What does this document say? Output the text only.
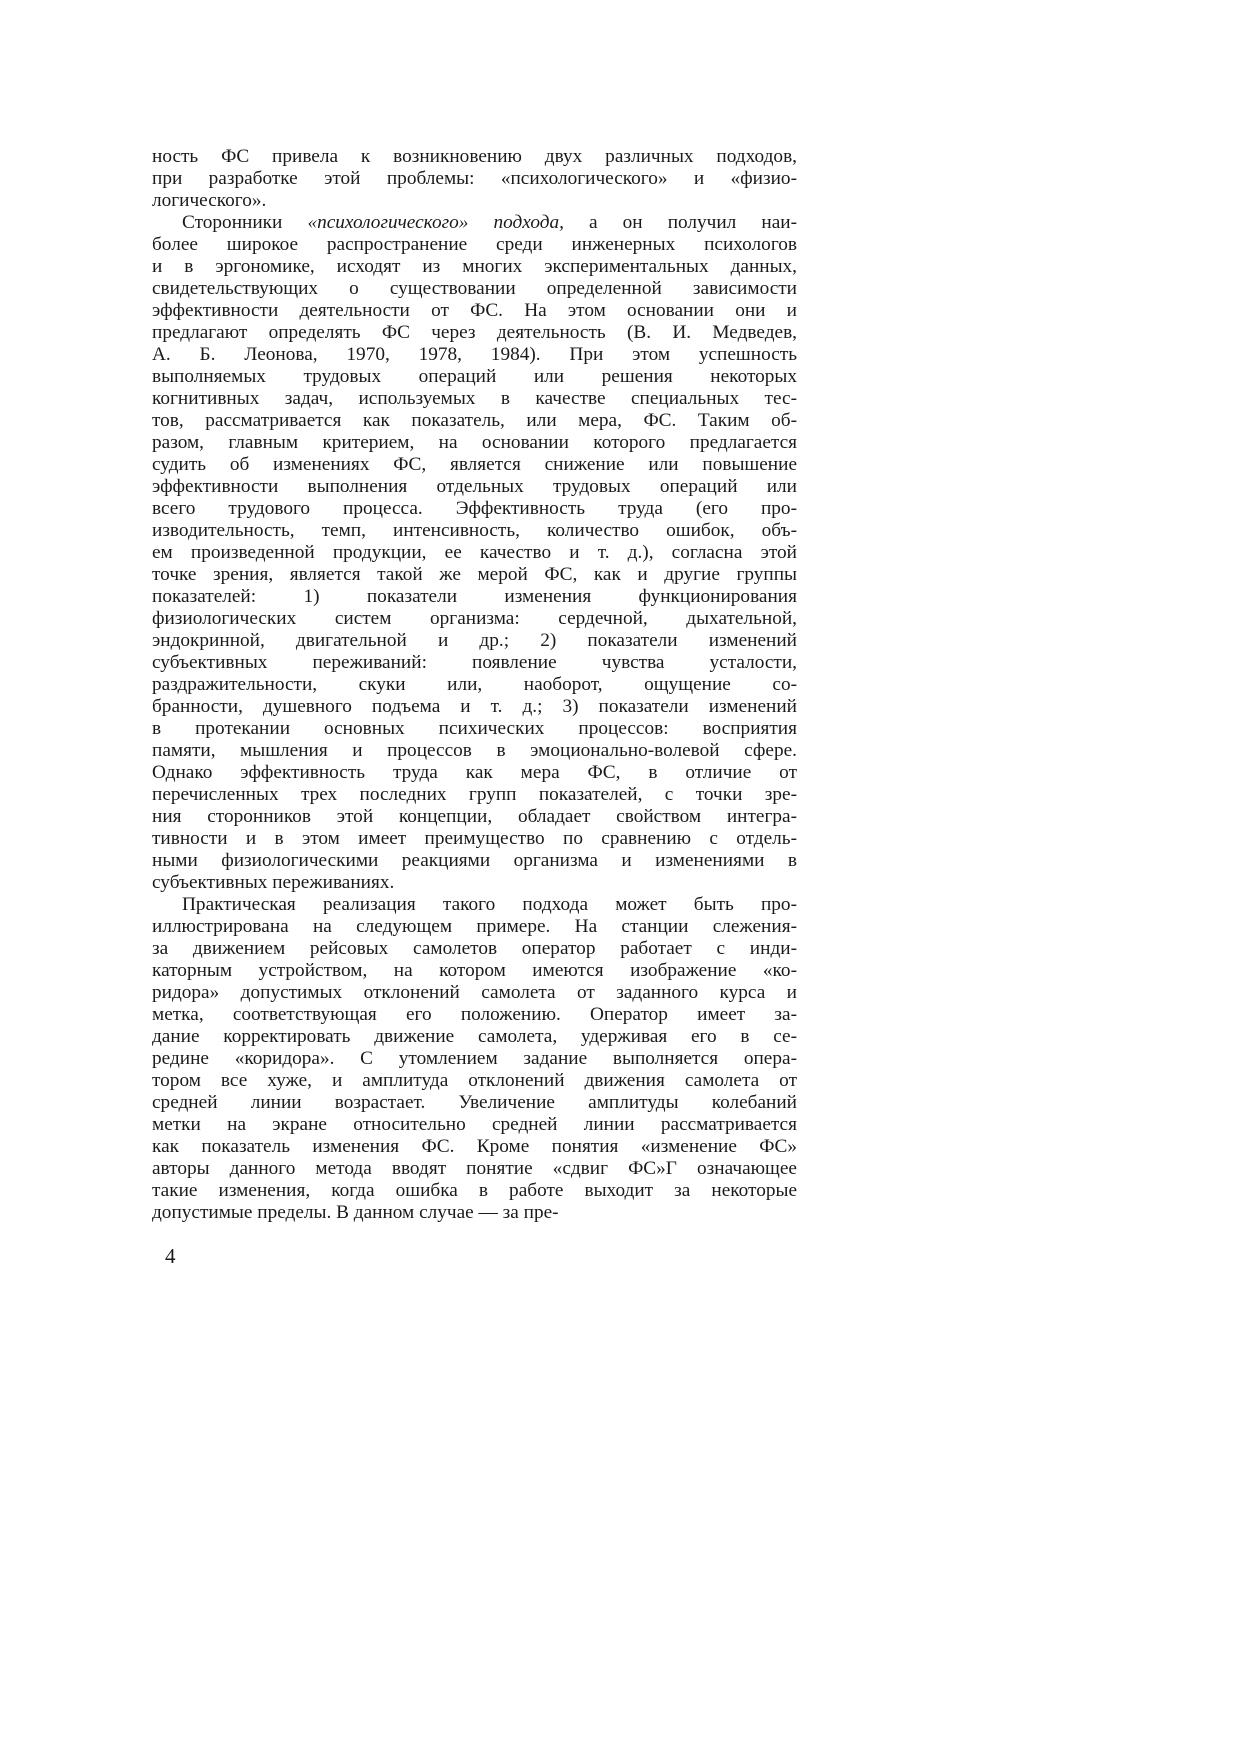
ность ФС привела к возникновению двух различных подходов,
при разработке этой проблемы: «психологического» и «физио-
логического».
Сторонники «психологического» подхода, а он получил наи-
более широкое распространение среди инженерных психологов
и в эргономике, исходят из многих экспериментальных данных,
свидетельствующих о существовании определенной зависимости
эффективности деятельности от ФС. На этом основании они и
предлагают определять ФС через деятельность (В. И. Медведев,
А. Б. Леонова, 1970, 1978, 1984). При этом успешность
выполняемых трудовых операций или решения некоторых
когнитивных задач, используемых в качестве специальных тес-
тов, рассматривается как показатель, или мера, ФС. Таким об-
разом, главным критерием, на основании которого предлагается
судить об изменениях ФС, является снижение или повышение
эффективности выполнения отдельных трудовых операций или
всего трудового процесса. Эффективность труда (его про-
изводительность, темп, интенсивность, количество ошибок, объ-
ем произведенной продукции, ее качество и т. д.), согласна этой
точке зрения, является такой же мерой ФС, как и другие группы
показателей: 1) показатели изменения функционирования
физиологических систем организма: сердечной, дыхательной,
эндокринной, двигательной и др.; 2) показатели изменений
субъективных переживаний: появление чувства усталости,
раздражительности, скуки или, наоборот, ощущение со-
бранности, душевного подъема и т. д.; 3) показатели изменений
в протекании основных психических процессов: восприятия
памяти, мышления и процессов в эмоционально-волевой сфере.
Однако эффективность труда как мера ФС, в отличие от
перечисленных трех последних групп показателей, с точки зре-
ния сторонников этой концепции, обладает свойством интегра-
тивности и в этом имеет преимущество по сравнению с отдель-
ными физиологическими реакциями организма и изменениями в
субъективных переживаниях.
Практическая реализация такого подхода может быть про-
иллюстрирована на следующем примере. На станции слежения-
за движением рейсовых самолетов оператор работает с инди-
каторным устройством, на котором имеются изображение «ко-
ридора» допустимых отклонений самолета от заданного курса и
метка, соответствующая его положению. Оператор имеет за-
дание корректировать движение самолета, удерживая его в се-
редине «коридора». С утомлением задание выполняется опера-
тором все хуже, и амплитуда отклонений движения самолета от
средней линии возрастает. Увеличение амплитуды колебаний
метки на экране относительно средней линии рассматривается
как показатель изменения ФС. Кроме понятия «изменение ФС»
авторы данного метода вводят понятие «сдвиг ФС»Г означающее
такие изменения, когда ошибка в работе выходит за некоторые
допустимые пределы. В данном случае — за пре-
4
